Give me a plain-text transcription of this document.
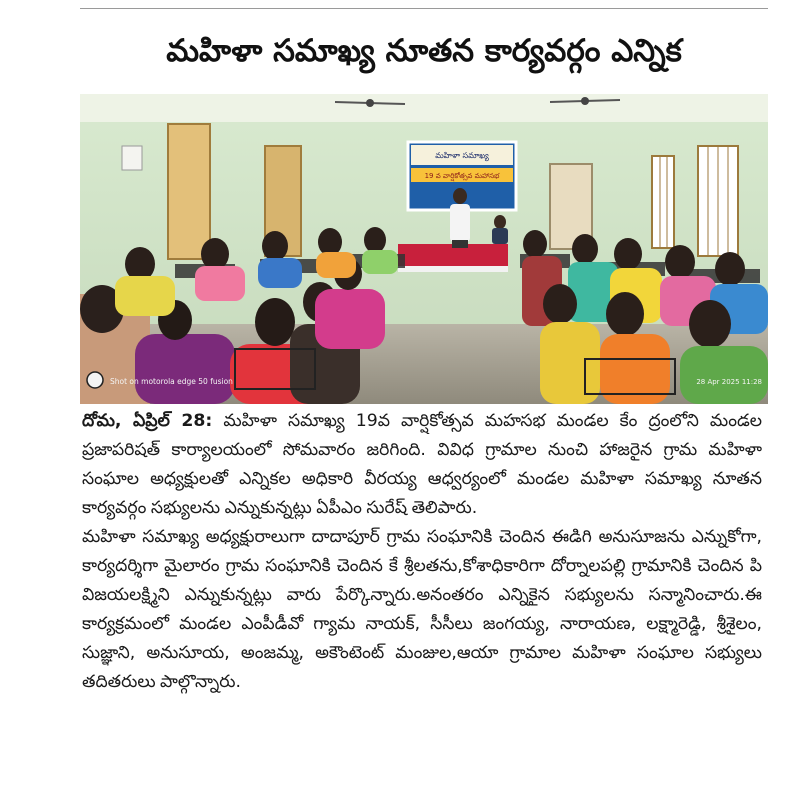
మహిళా సమాఖ్య నూతన కార్యవర్గం ఎన్నిక
మహిళా సమాఖ్య
19 వ వార్షికోత్సవ మహాసభ
Shot on motorola edge 50 fusion	28 Apr 2025 11:28

దోమ, ఏప్రిల్ 28: మహిళా సమాఖ్య 19వ వార్షికోత్సవ మహసభ మండల కేం ద్రంలోని మండల ప్రజాపరిషత్ కార్యాలయంలో సోమవారం జరిగింది. వివిధ గ్రామాల నుంచి హాజరైన గ్రామ మహిళా సంఘాల అధ్యక్షులతో ఎన్నికల అధికారి వీరయ్య ఆధ్వర్యంలో మండల మహిళా సమాఖ్య నూతన కార్యవర్గం సభ్యులను ఎన్నుకున్నట్లు ఏపీఎం సురేష్ తెలిపారు.

మహిళా సమాఖ్య అధ్యక్షురాలుగా దాదాపూర్ గ్రామ సంఘానికి చెందిన ఈడిగి అనుసూజను ఎన్నుకోగా, కార్యదర్శిగా మైలారం గ్రామ సంఘానికి చెందిన కే శ్రీలతను,కోశాధికారిగా దోర్నాలపల్లి గ్రామానికి చెందిన పి విజయలక్ష్మిని ఎన్నుకున్నట్లు వారు పేర్కొన్నారు.అనంతరం ఎన్నికైన సభ్యులను సన్మానించారు.ఈ కార్యక్రమంలో మండల ఎంపీడీవో గ్యామ నాయక్, సీసీలు జంగయ్య, నారాయణ, లక్ష్మారెడ్డి, శ్రీశైలం, సుజ్ఞాని, అనుసూయ, అంజమ్మ, అకౌంటెంట్ మంజుల,ఆయా గ్రామాల మహిళా సంఘాల సభ్యులు తదితరులు పాల్గొన్నారు.
